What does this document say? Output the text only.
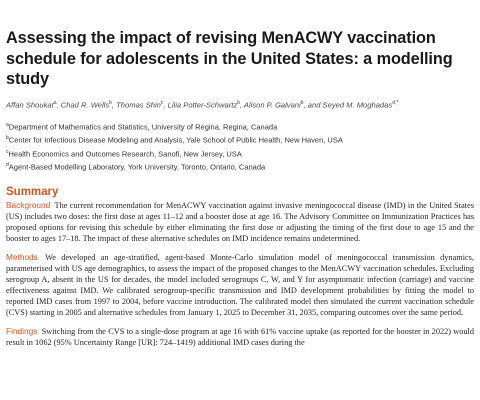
Assessing the impact of revising MenACWY vaccination schedule for adolescents in the United States: a modelling study
Affan Shoukat$^a$, Chad R. Wells$^b$, Thomas Shin$^c$, Lilia Potter-Schwartz$^b$, Alison P. Galvani$^b$, and Seyed M. Moghadas$^{d,*}$
$^a$Department of Mathematics and Statistics, University of Regina, Regina, Canada
$^b$Center for Infectious Disease Modeling and Analysis, Yale School of Public Health, New Haven, USA
$^c$Health Economics and Outcomes Research, Sanofi, New Jersey, USA
$^d$Agent-Based Modelling Laboratory, York University, Toronto, Ontario, Canada
Summary

Background The current recommendation for MenACWY vaccination against invasive meningococcal disease (IMD) in the United States (US) includes two doses: the first dose at ages 11–12 and a booster dose at age 16. The Advisory Committee on Immunization Practices has proposed options for revising this schedule by either eliminating the first dose or adjusting the timing of the first dose to age 15 and the booster to ages 17–18. The impact of these alternative schedules on IMD incidence remains undetermined.

Methods We developed an age-stratified, agent-based Monte-Carlo simulation model of meningococcal transmission dynamics, parameterised with US age demographics, to assess the impact of the proposed changes to the MenACWY vaccination schedules. Excluding serogroup A, absent in the US for decades, the model included serogroups C, W, and Y for asymptomatic infection (carriage) and vaccine effectiveness against IMD. We calibrated serogroup-specific transmission and IMD development probabilities by fitting the model to reported IMD cases from 1997 to 2004, before vaccine introduction. The calibrated model then simulated the current vaccination schedule (CVS) starting in 2005 and alternative schedules from January 1, 2025 to December 31, 2035, comparing outcomes over the same period.

Findings Switching from the CVS to a single-dose program at age 16 with 61% vaccine uptake (as reported for the booster in 2022) would result in 1062 (95% Uncertainty Range [UR]: 724–1419) additional IMD cases during the
